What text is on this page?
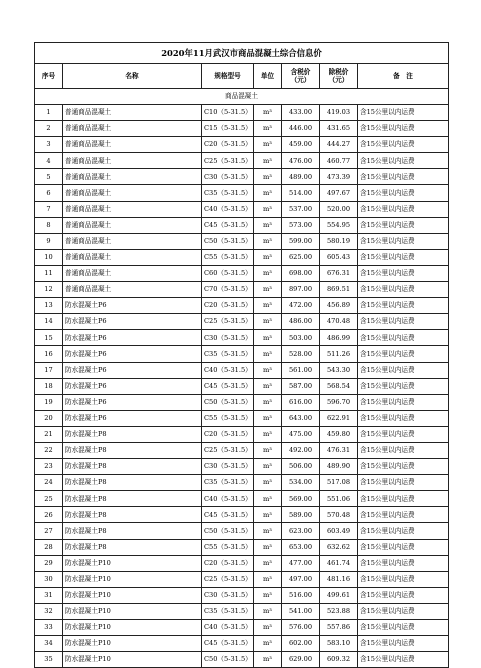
2020年11月武汉市商品混凝土综合信息价						
序号	名称	规格型号	单位	含税价（元）	除税价（元）	备　注
商品混凝土						
1	普通商品混凝土	C10（5-31.5）	m³	433.00	419.03	含15公里以内运费
2	普通商品混凝土	C15（5-31.5）	m³	446.00	431.65	含15公里以内运费
3	普通商品混凝土	C20（5-31.5）	m³	459.00	444.27	含15公里以内运费
4	普通商品混凝土	C25（5-31.5）	m³	476.00	460.77	含15公里以内运费
5	普通商品混凝土	C30（5-31.5）	m³	489.00	473.39	含15公里以内运费
6	普通商品混凝土	C35（5-31.5）	m³	514.00	497.67	含15公里以内运费
7	普通商品混凝土	C40（5-31.5）	m³	537.00	520.00	含15公里以内运费
8	普通商品混凝土	C45（5-31.5）	m³	573.00	554.95	含15公里以内运费
9	普通商品混凝土	C50（5-31.5）	m³	599.00	580.19	含15公里以内运费
10	普通商品混凝土	C55（5-31.5）	m³	625.00	605.43	含15公里以内运费
11	普通商品混凝土	C60（5-31.5）	m³	698.00	676.31	含15公里以内运费
12	普通商品混凝土	C70（5-31.5）	m³	897.00	869.51	含15公里以内运费
13	防水混凝土P6	C20（5-31.5）	m³	472.00	456.89	含15公里以内运费
14	防水混凝土P6	C25（5-31.5）	m³	486.00	470.48	含15公里以内运费
15	防水混凝土P6	C30（5-31.5）	m³	503.00	486.99	含15公里以内运费
16	防水混凝土P6	C35（5-31.5）	m³	528.00	511.26	含15公里以内运费
17	防水混凝土P6	C40（5-31.5）	m³	561.00	543.30	含15公里以内运费
18	防水混凝土P6	C45（5-31.5）	m³	587.00	568.54	含15公里以内运费
19	防水混凝土P6	C50（5-31.5）	m³	616.00	596.70	含15公里以内运费
20	防水混凝土P6	C55（5-31.5）	m³	643.00	622.91	含15公里以内运费
21	防水混凝土P8	C20（5-31.5）	m³	475.00	459.80	含15公里以内运费
22	防水混凝土P8	C25（5-31.5）	m³	492.00	476.31	含15公里以内运费
23	防水混凝土P8	C30（5-31.5）	m³	506.00	489.90	含15公里以内运费
24	防水混凝土P8	C35（5-31.5）	m³	534.00	517.08	含15公里以内运费
25	防水混凝土P8	C40（5-31.5）	m³	569.00	551.06	含15公里以内运费
26	防水混凝土P8	C45（5-31.5）	m³	589.00	570.48	含15公里以内运费
27	防水混凝土P8	C50（5-31.5）	m³	623.00	603.49	含15公里以内运费
28	防水混凝土P8	C55（5-31.5）	m³	653.00	632.62	含15公里以内运费
29	防水混凝土P10	C20（5-31.5）	m³	477.00	461.74	含15公里以内运费
30	防水混凝土P10	C25（5-31.5）	m³	497.00	481.16	含15公里以内运费
31	防水混凝土P10	C30（5-31.5）	m³	516.00	499.61	含15公里以内运费
32	防水混凝土P10	C35（5-31.5）	m³	541.00	523.88	含15公里以内运费
33	防水混凝土P10	C40（5-31.5）	m³	576.00	557.86	含15公里以内运费
34	防水混凝土P10	C45（5-31.5）	m³	602.00	583.10	含15公里以内运费
35	防水混凝土P10	C50（5-31.5）	m³	629.00	609.32	含15公里以内运费
